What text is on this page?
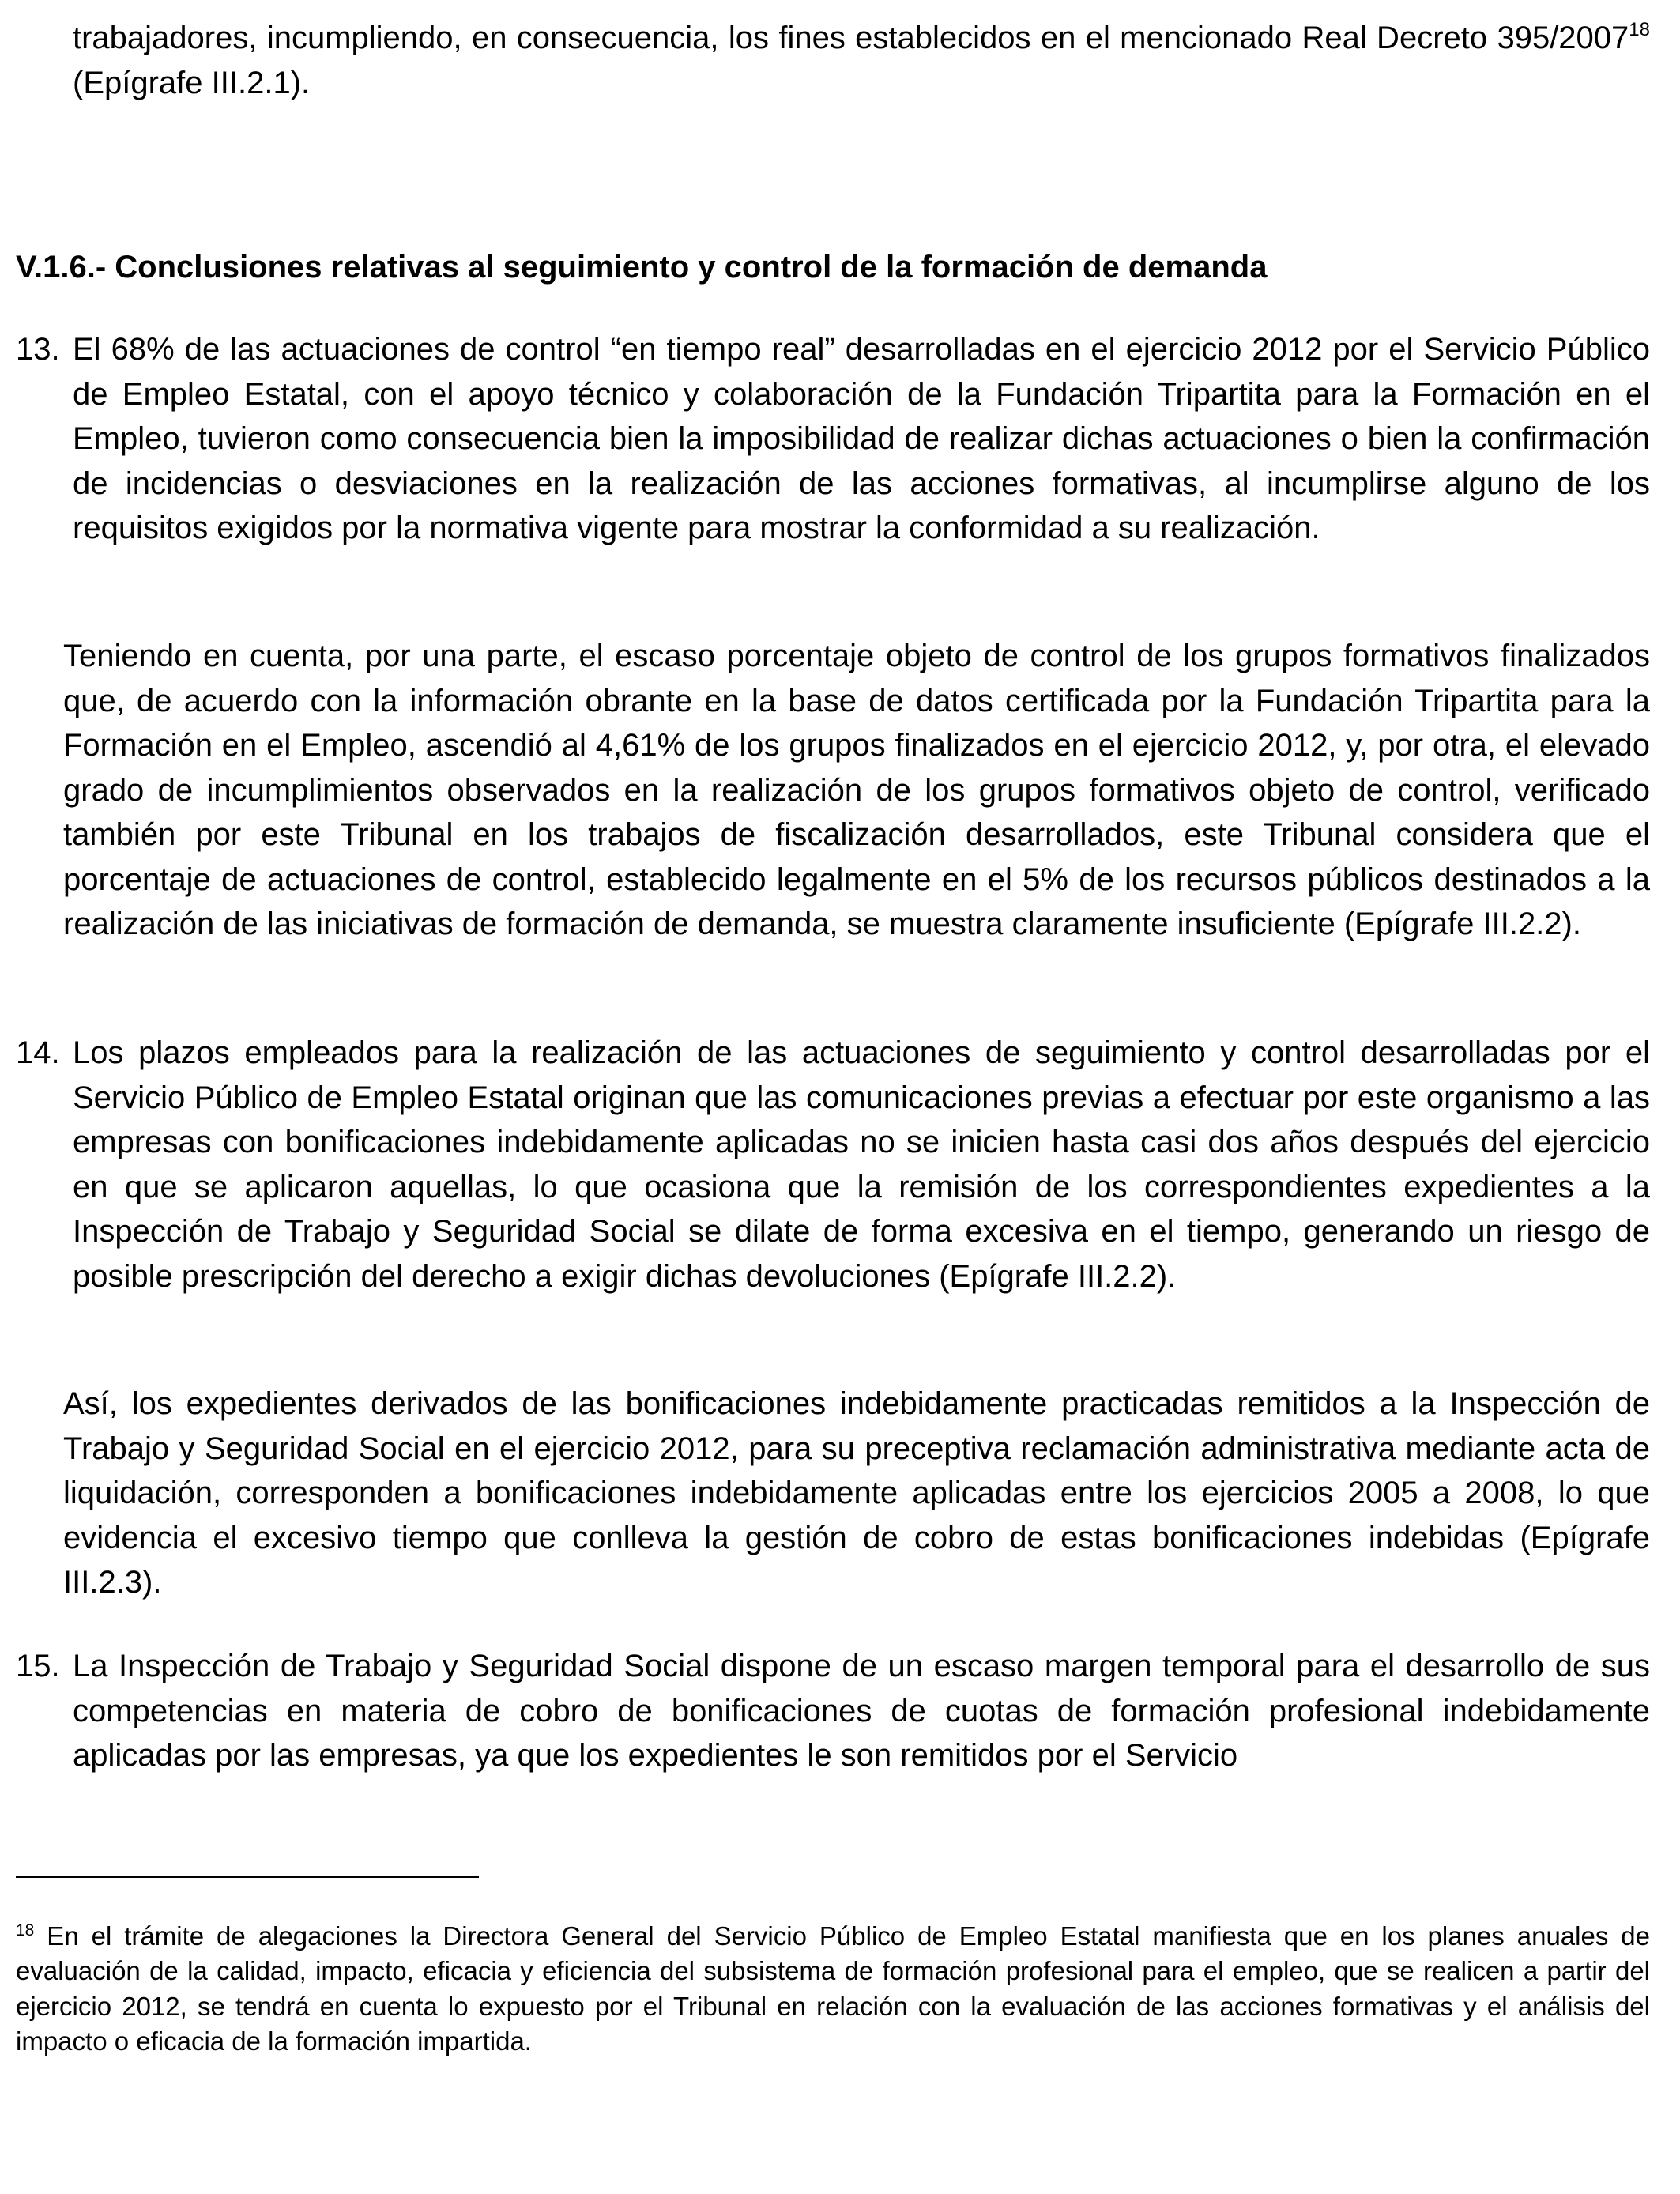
trabajadores, incumpliendo, en consecuencia, los fines establecidos en el mencionado Real Decreto 395/2007$^{18}$ (Epígrafe III.2.1).

V.1.6.- Conclusiones relativas al seguimiento y control de la formación de demanda
13. El 68% de las actuaciones de control “en tiempo real” desarrolladas en el ejercicio 2012 por el Servicio Público de Empleo Estatal, con el apoyo técnico y colaboración de la Fundación Tripartita para la Formación en el Empleo, tuvieron como consecuencia bien la imposibilidad de realizar dichas actuaciones o bien la confirmación de incidencias o desviaciones en la realización de las acciones formativas, al incumplirse alguno de los requisitos exigidos por la normativa vigente para mostrar la conformidad a su realización.

Teniendo en cuenta, por una parte, el escaso porcentaje objeto de control de los grupos formativos finalizados que, de acuerdo con la información obrante en la base de datos certificada por la Fundación Tripartita para la Formación en el Empleo, ascendió al 4,61% de los grupos finalizados en el ejercicio 2012, y, por otra, el elevado grado de incumplimientos observados en la realización de los grupos formativos objeto de control, verificado también por este Tribunal en los trabajos de fiscalización desarrollados, este Tribunal considera que el porcentaje de actuaciones de control, establecido legalmente en el 5% de los recursos públicos destinados a la realización de las iniciativas de formación de demanda, se muestra claramente insuficiente (Epígrafe III.2.2).

14. Los plazos empleados para la realización de las actuaciones de seguimiento y control desarrolladas por el Servicio Público de Empleo Estatal originan que las comunicaciones previas a efectuar por este organismo a las empresas con bonificaciones indebidamente aplicadas no se inicien hasta casi dos años después del ejercicio en que se aplicaron aquellas, lo que ocasiona que la remisión de los correspondientes expedientes a la Inspección de Trabajo y Seguridad Social se dilate de forma excesiva en el tiempo, generando un riesgo de posible prescripción del derecho a exigir dichas devoluciones (Epígrafe III.2.2).

Así, los expedientes derivados de las bonificaciones indebidamente practicadas remitidos a la Inspección de Trabajo y Seguridad Social en el ejercicio 2012, para su preceptiva reclamación administrativa mediante acta de liquidación, corresponden a bonificaciones indebidamente aplicadas entre los ejercicios 2005 a 2008, lo que evidencia el excesivo tiempo que conlleva la gestión de cobro de estas bonificaciones indebidas (Epígrafe III.2.3).

15. La Inspección de Trabajo y Seguridad Social dispone de un escaso margen temporal para el desarrollo de sus competencias en materia de cobro de bonificaciones de cuotas de formación profesional indebidamente aplicadas por las empresas, ya que los expedientes le son remitidos por el Servicio

$^{18}$ En el trámite de alegaciones la Directora General del Servicio Público de Empleo Estatal manifiesta que en los planes anuales de evaluación de la calidad, impacto, eficacia y eficiencia del subsistema de formación profesional para el empleo, que se realicen a partir del ejercicio 2012, se tendrá en cuenta lo expuesto por el Tribunal en relación con la evaluación de las acciones formativas y el análisis del impacto o eficacia de la formación impartida.
